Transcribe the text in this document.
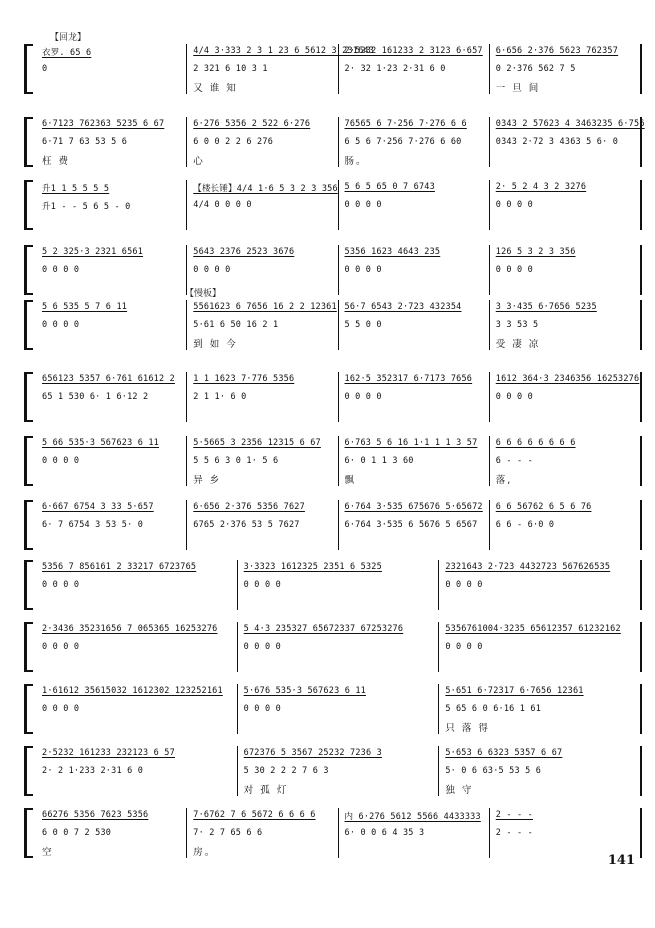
【回龙】
衣罗. 65 6
0
4/4 3·333 2 3 1 23 6 5612 3 231643
2 321 6 10 3 1
又 谁 知
2·5232 161233 2 3123 6·657
2· 32 1·23 2·31 6 0
6·656 2·376 5623 762357
0 2·376 562 7 5
一 旦 间
6·7123 762363 5235 6 67
6·71 7 63 53 5 6
枉 费
6·276 5356 2 522 6·276
6 0 0 2 2 6 276
心
76565 6 7·256 7·276 6 6
6 5 6 7·256 7·276 6 60
肠。
0343 2 57623 4 3463235 6·756
0343 2·72 3 4363 5 6· 0
升1 1 5 5 5 5
升1 - - 5 6 5 - 0
【楼长锤】4/4 1·6 5 3 2 3 356
4/4 0 0 0 0
5 6 5 65 0 7 6743
0 0 0 0
2· 5 2 4 3 2 3276
0 0 0 0
5 2 325·3 2321 6561
0 0 0 0
5643 2376 2523 3676
0 0 0 0
5356 1623 4643 235
0 0 0 0
126 5 3 2 3 356
0 0 0 0
【慢板】
5 6 535 5 7 6 11
0 0 0 0
5561623 6 7656 16 2 2 12361
5·61 6 50 16 2 1
到 如 今
56·7 6543 2·723 432354
5 5 0 0
3 3·435 6·7656 5235
3 3 53 5
受 凄 凉
656123 5357 6·761 61612 2
65 1 530 6· 1 6·12 2
1 1 1623 7·776 5356
2 1 1· 6 0
162·5 352317 6·7173 7656
0 0 0 0
1612 364·3 2346356 16253276
0 0 0 0
5 66 535·3 567623 6 11
0 0 0 0
5·5665 3 2356 12315 6 67
5 5 6 3 0 1· 5 6
异 乡
6·763 5 6 16 1·1 1 1 3 57
6· 0 1 1 3 60
飘
6 6 6 6 6 6 6 6
6 - - -
落,
6·667 6754 3 33 5·657
6· 7 6754 3 53 5· 0
6·656 2·376 5356 7627
6765 2·376 53 5 7627
6·764 3·535 675676 5·65672
6·764 3·535 6 5676 5 6567
6 6 56762 6 5 6 76
6 6 - 6·0 0
5356 7 856161 2 33217 6723765
0 0 0 0
3·3323 1612325 2351 6 5325
0 0 0 0
2321643 2·723 4432723 567626535
0 0 0 0
2·3436 35231656 7 065365 16253276
0 0 0 0
5 4·3 235327 65672337 67253276
0 0 0 0
5356761004·3235 65612357 61232162
0 0 0 0
1·61612 35615032 1612302 123252161
0 0 0 0
5·676 535·3 567623 6 11
0 0 0 0
5·651 6·72317 6·7656 12361
5 65 6 0 6·16 1 61
只 落 得
2·5232 161233 232123 6 57
2· 2 1·233 2·31 6 0
672376 5 3567 25232 7236 3
5 30 2 2 2 7 6 3
对 孤 灯
5·653 6 6323 5357 6 67
5· 0 6 63·5 53 5 6
独 守
66276 5356 7623 5356
6 0 0 7 2 530
空
7·6762 7 6 5672 6 6 6 6
7· 2 7 65 6 6
房。
内 6·276 5612 5566 4433333
6· 0 0 6 4 35 3
2 - - -
2 - - -
141
